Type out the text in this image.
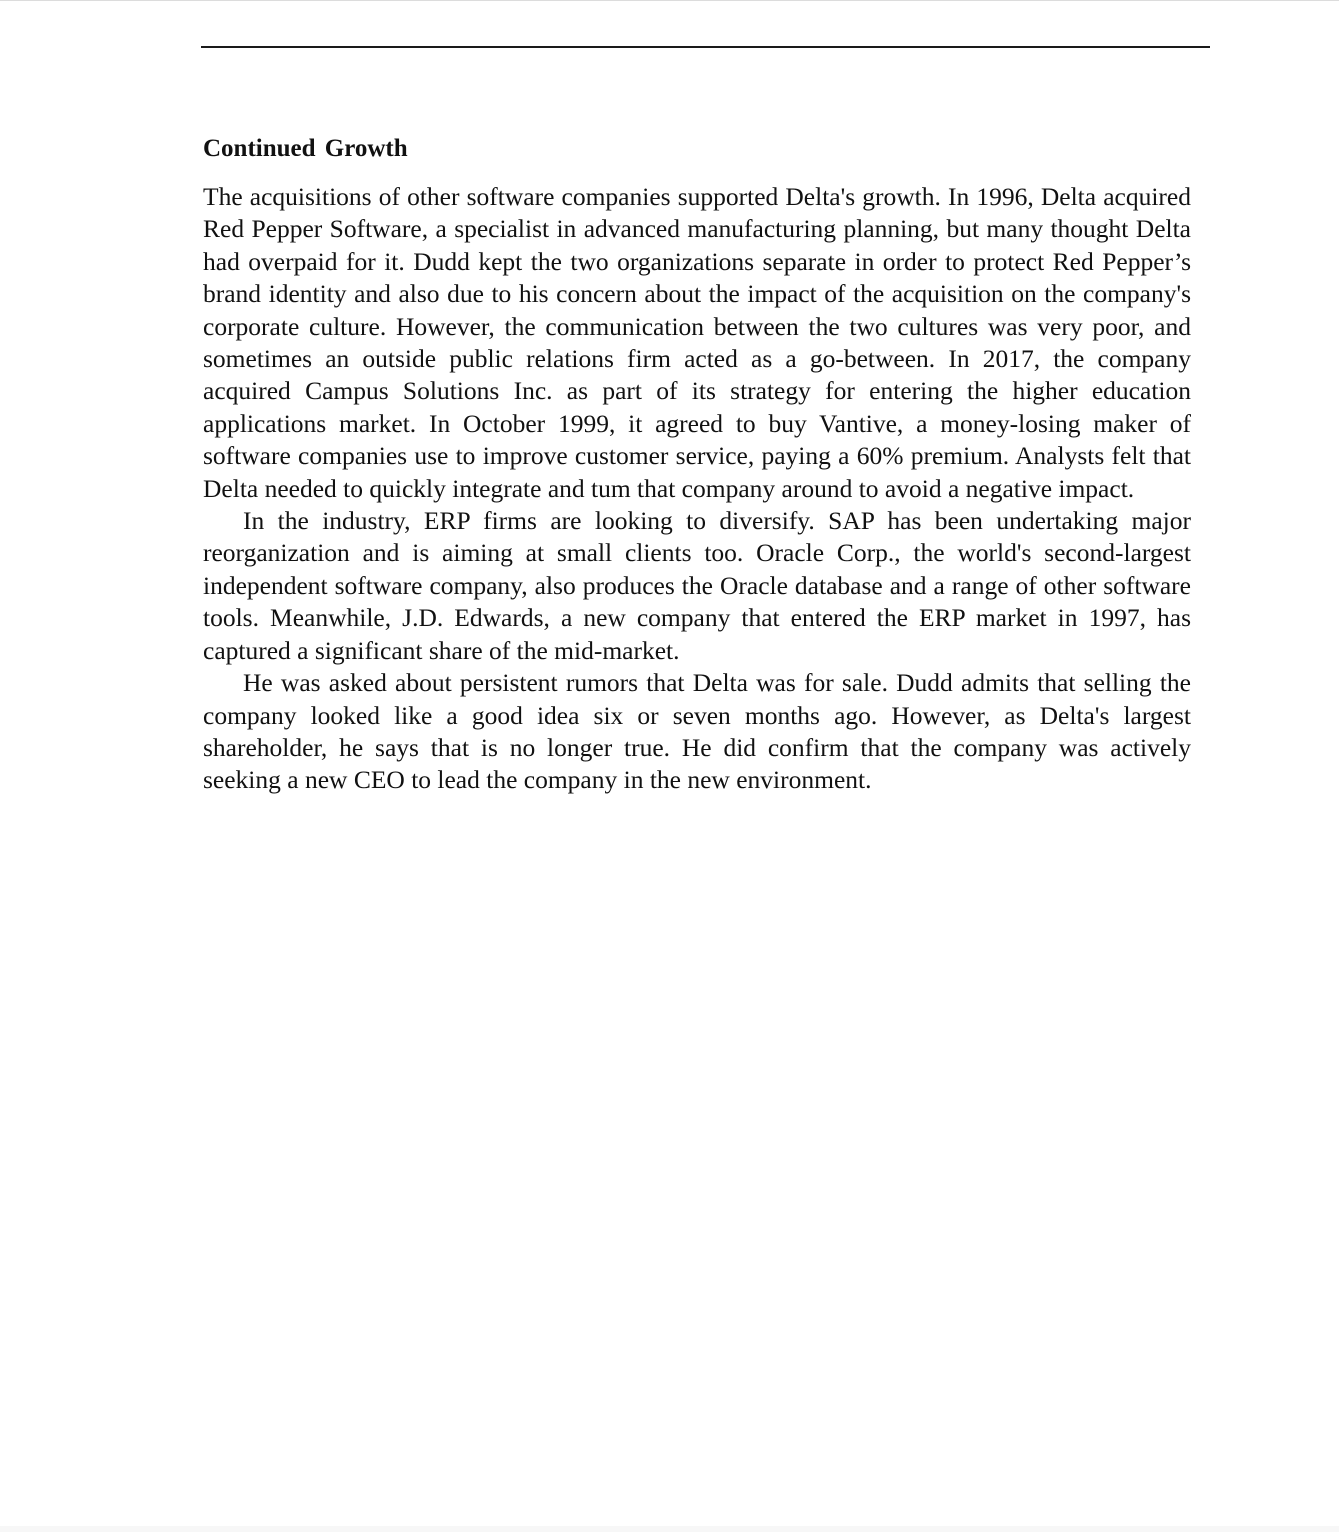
Continued Growth

The acquisitions of other software companies supported Delta's growth. In 1996, Delta acquired Red Pepper Software, a specialist in advanced manufacturing planning, but many thought Delta had overpaid for it. Dudd kept the two organizations separate in order to protect Red Pepper’s brand identity and also due to his concern about the impact of the acquisition on the company's corporate culture. However, the communication between the two cultures was very poor, and sometimes an outside public relations firm acted as a go-between. In 2017, the company acquired Campus Solutions Inc. as part of its strategy for entering the higher education applications market. In October 1999, it agreed to buy Vantive, a money-losing maker of software companies use to improve customer service, paying a 60% premium. Analysts felt that Delta needed to quickly integrate and tum that company around to avoid a negative impact.

In the industry, ERP firms are looking to diversify. SAP has been undertaking major reorganization and is aiming at small clients too. Oracle Corp., the world's second-largest independent software company, also produces the Oracle database and a range of other software tools. Meanwhile, J.D. Edwards, a new company that entered the ERP market in 1997, has captured a significant share of the mid-market.

He was asked about persistent rumors that Delta was for sale. Dudd admits that selling the company looked like a good idea six or seven months ago. However, as Delta's largest shareholder, he says that is no longer true. He did confirm that the company was actively seeking a new CEO to lead the company in the new environment.
